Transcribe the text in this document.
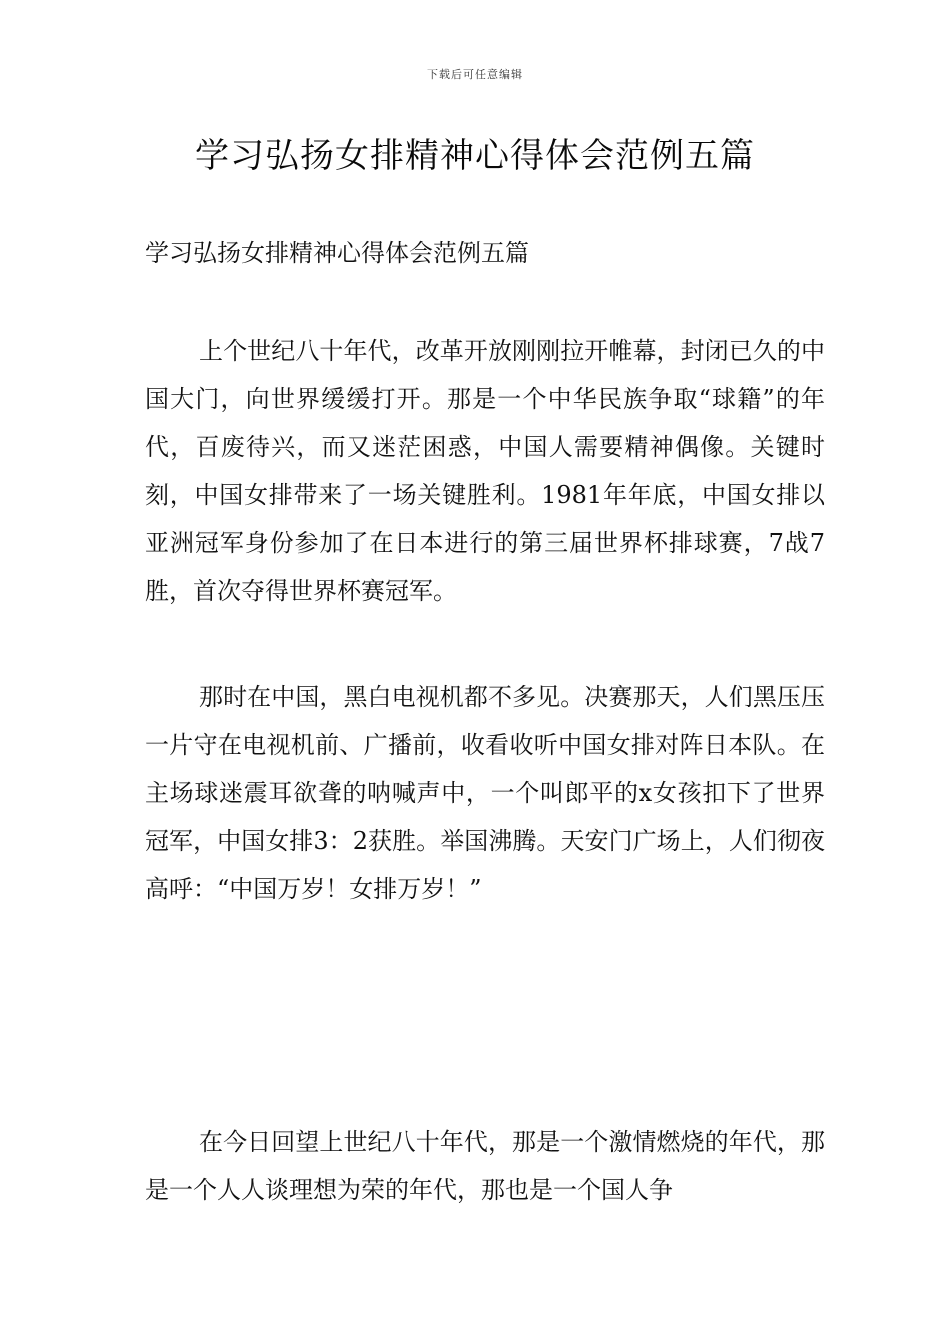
下载后可任意编辑
学习弘扬女排精神心得体会范例五篇

学习弘扬女排精神心得体会范例五篇

上个世纪八十年代，改革开放刚刚拉开帷幕，封闭已久的中国大门，向世界缓缓打开。那是一个中华民族争取“球籍”的年代，百废待兴，而又迷茫困惑，中国人需要精神偶像。关键时刻，中国女排带来了一场关键胜利。1981年年底，中国女排以亚洲冠军身份参加了在日本进行的第三届世界杯排球赛，7战7胜，首次夺得世界杯赛冠军。

那时在中国，黑白电视机都不多见。决赛那天，人们黑压压一片守在电视机前、广播前，收看收听中国女排对阵日本队。在主场球迷震耳欲聋的呐喊声中，一个叫郎平的x女孩扣下了世界冠军，中国女排3：2获胜。举国沸腾。天安门广场上，人们彻夜高呼：“中国万岁！女排万岁！”

在今日回望上世纪八十年代，那是一个激情燃烧的年代，那是一个人人谈理想为荣的年代，那也是一个国人争
